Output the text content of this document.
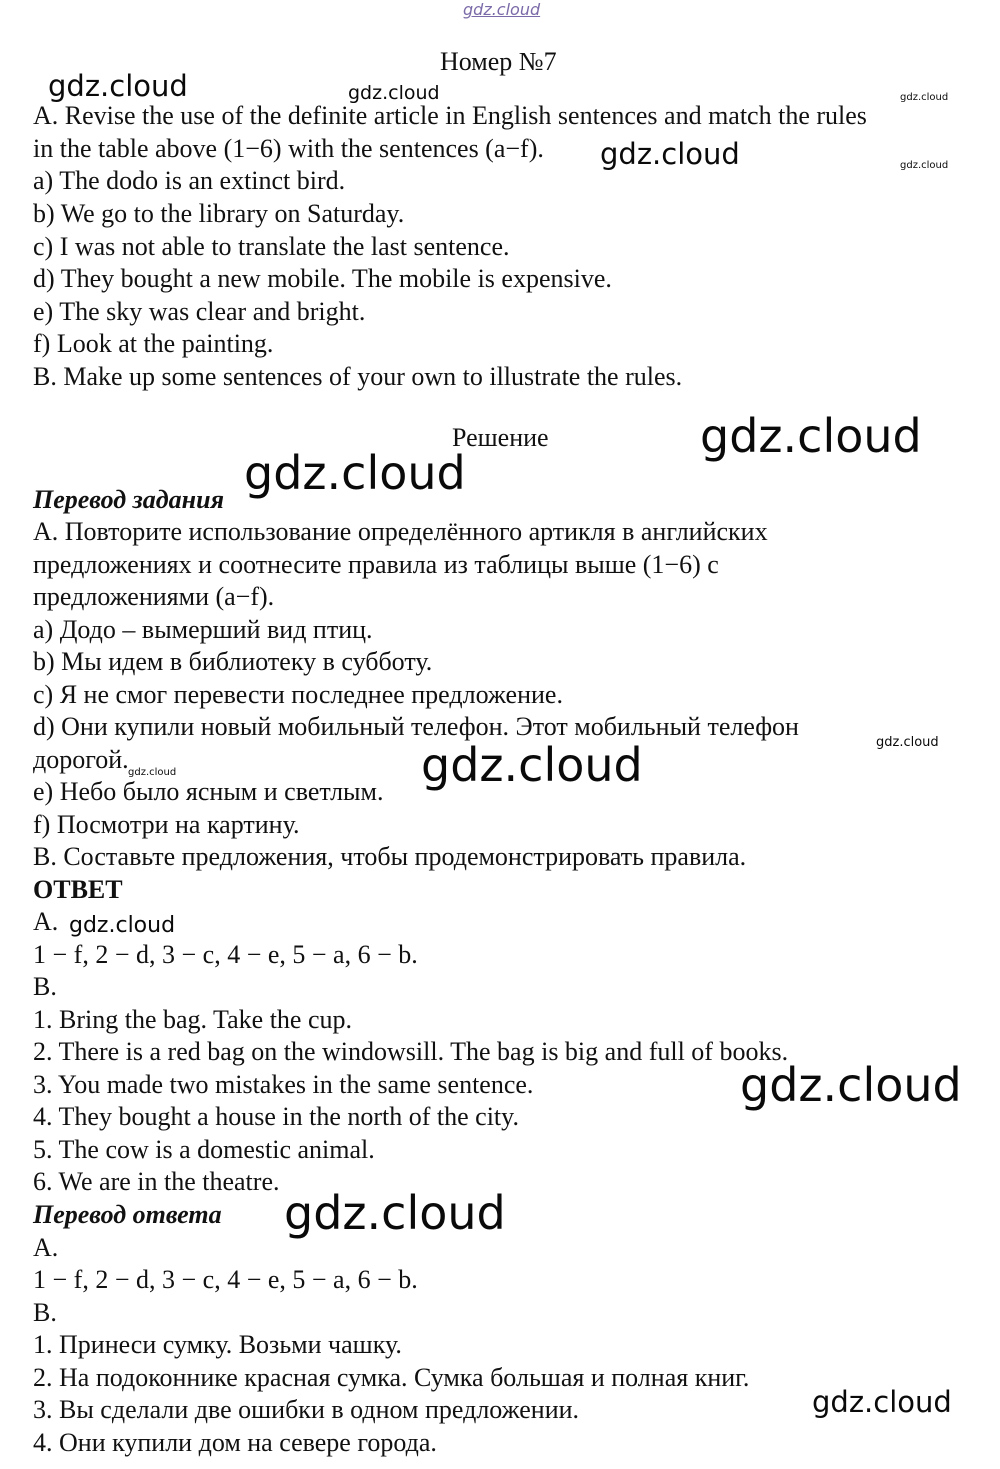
Номер №7
A. Revise the use of the definite article in English sentences and match the rules
in the table above (1−6) with the sentences (a−f).
a) The dodo is an extinct bird.
b) We go to the library on Saturday.
c) I was not able to translate the last sentence.
d) They bought a new mobile. The mobile is expensive.
e) The sky was clear and bright.
f) Look at the painting.
B. Make up some sentences of your own to illustrate the rules.
Решение
Перевод задания
A. Повторите использование определённого артикля в английских
предложениях и соотнесите правила из таблицы выше (1−6) с
предложениями (a−f).
a) Додо – вымерший вид птиц.
b) Мы идем в библиотеку в субботу.
c) Я не смог перевести последнее предложение.
d) Они купили новый мобильный телефон. Этот мобильный телефон
дорогой.
e) Небо было ясным и светлым.
f) Посмотри на картину.
B. Составьте предложения, чтобы продемонстрировать правила.
ОТВЕТ
A.
1 − f, 2 − d, 3 − c, 4 − e, 5 − a, 6 − b.
B.
1. Bring the bag. Take the cup.
2. There is a red bag on the windowsill. The bag is big and full of books.
3. You made two mistakes in the same sentence.
4. They bought a house in the north of the city.
5. The cow is a domestic animal.
6. We are in the theatre.
Перевод ответа
A.
1 − f, 2 − d, 3 − c, 4 − e, 5 − a, 6 − b.
B.
1. Принеси сумку. Возьми чашку.
2. На подоконнике красная сумка. Сумка большая и полная книг.
3. Вы сделали две ошибки в одном предложении.
4. Они купили дом на севере города.
gdz.cloud
gdz.cloud	gdz.cloud	gdz.cloud
gdz.cloud	gdz.cloud
gdz.cloud
gdz.cloud
gdz.cloud
gdz.cloud
gdz.cloud
gdz.cloud
gdz.cloud
gdz.cloud
gdz.cloud
